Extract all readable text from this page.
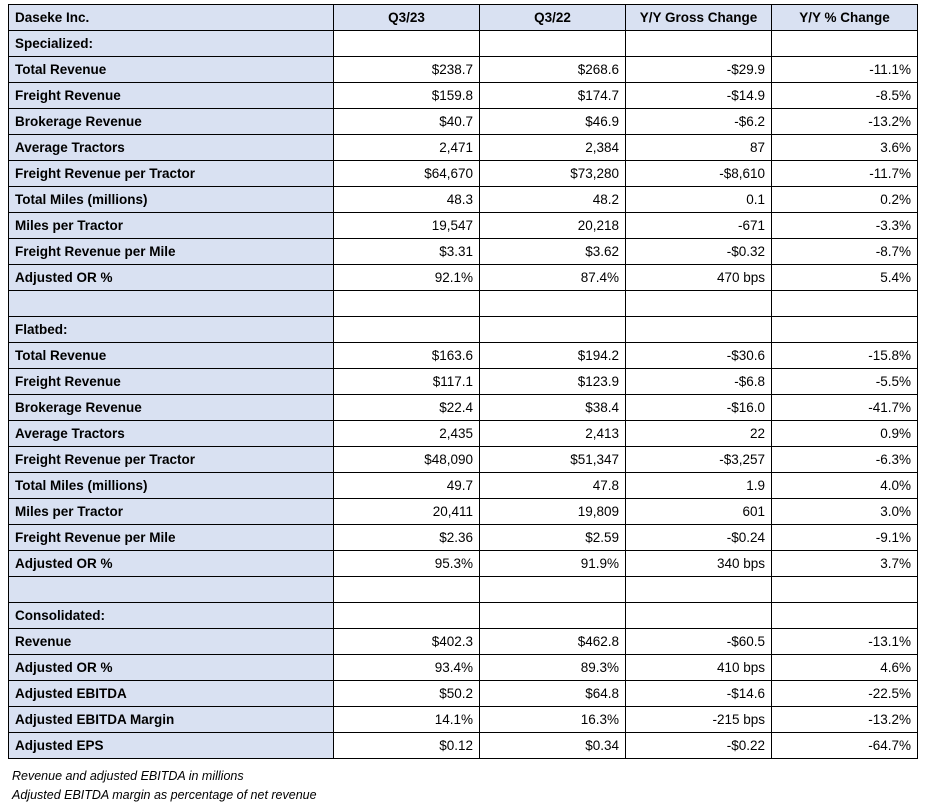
Daseke Inc.	Q3/23	Q3/22	Y/Y Gross Change	Y/Y % Change
Specialized:				
Total Revenue	$238.7	$268.6	-$29.9	-11.1%
Freight Revenue	$159.8	$174.7	-$14.9	-8.5%
Brokerage Revenue	$40.7	$46.9	-$6.2	-13.2%
Average Tractors	2,471	2,384	87	3.6%
Freight Revenue per Tractor	$64,670	$73,280	-$8,610	-11.7%
Total Miles (millions)	48.3	48.2	0.1	0.2%
Miles per Tractor	19,547	20,218	-671	-3.3%
Freight Revenue per Mile	$3.31	$3.62	-$0.32	-8.7%
Adjusted OR %	92.1%	87.4%	470 bps	5.4%

Flatbed:				
Total Revenue	$163.6	$194.2	-$30.6	-15.8%
Freight Revenue	$117.1	$123.9	-$6.8	-5.5%
Brokerage Revenue	$22.4	$38.4	-$16.0	-41.7%
Average Tractors	2,435	2,413	22	0.9%
Freight Revenue per Tractor	$48,090	$51,347	-$3,257	-6.3%
Total Miles (millions)	49.7	47.8	1.9	4.0%
Miles per Tractor	20,411	19,809	601	3.0%
Freight Revenue per Mile	$2.36	$2.59	-$0.24	-9.1%
Adjusted OR %	95.3%	91.9%	340 bps	3.7%

Consolidated:				
Revenue	$402.3	$462.8	-$60.5	-13.1%
Adjusted OR %	93.4%	89.3%	410 bps	4.6%
Adjusted EBITDA	$50.2	$64.8	-$14.6	-22.5%
Adjusted EBITDA Margin	14.1%	16.3%	-215 bps	-13.2%
Adjusted EPS	$0.12	$0.34	-$0.22	-64.7%
Revenue and adjusted EBITDA in millions
Adjusted EBITDA margin as percentage of net revenue
